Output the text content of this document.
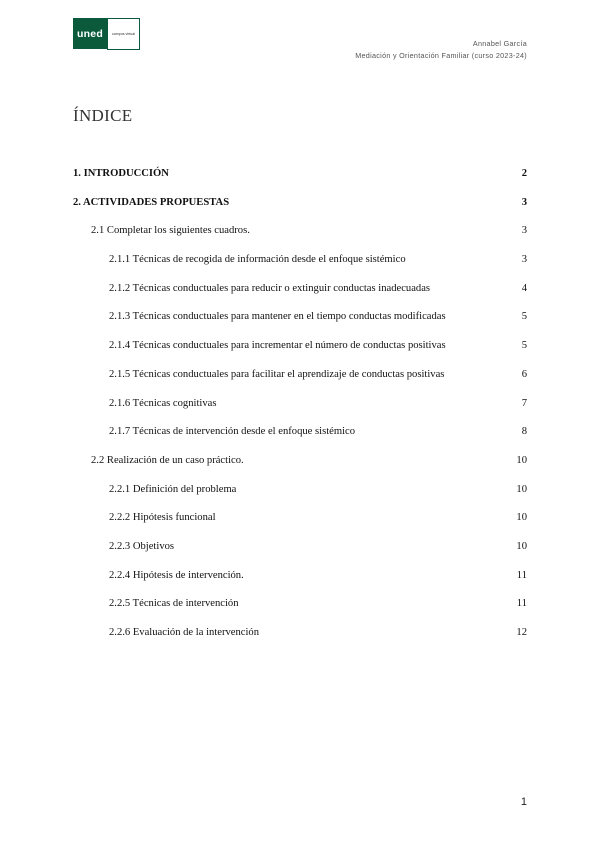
uned	campus virtual
Annabel García
Mediación y Orientación Familiar (curso 2023-24)
ÍNDICE
1. INTRODUCCIÓN	2
2. ACTIVIDADES PROPUESTAS	3
2.1 Completar los siguientes cuadros.	3
2.1.1 Técnicas de recogida de información desde el enfoque sistémico	3
2.1.2 Técnicas conductuales para reducir o extinguir conductas inadecuadas	4
2.1.3 Técnicas conductuales para mantener en el tiempo conductas modificadas	5
2.1.4 Técnicas conductuales para incrementar el número de conductas positivas	5
2.1.5 Técnicas conductuales para facilitar el aprendizaje de conductas positivas	6
2.1.6 Técnicas cognitivas	7
2.1.7 Técnicas de intervención desde el enfoque sistémico	8
2.2 Realización de un caso práctico.	10
2.2.1 Definición del problema	10
2.2.2 Hipótesis funcional	10
2.2.3 Objetivos	10
2.2.4 Hipótesis de intervención.	11
2.2.5 Técnicas de intervención	11
2.2.6 Evaluación de la intervención	12
1
